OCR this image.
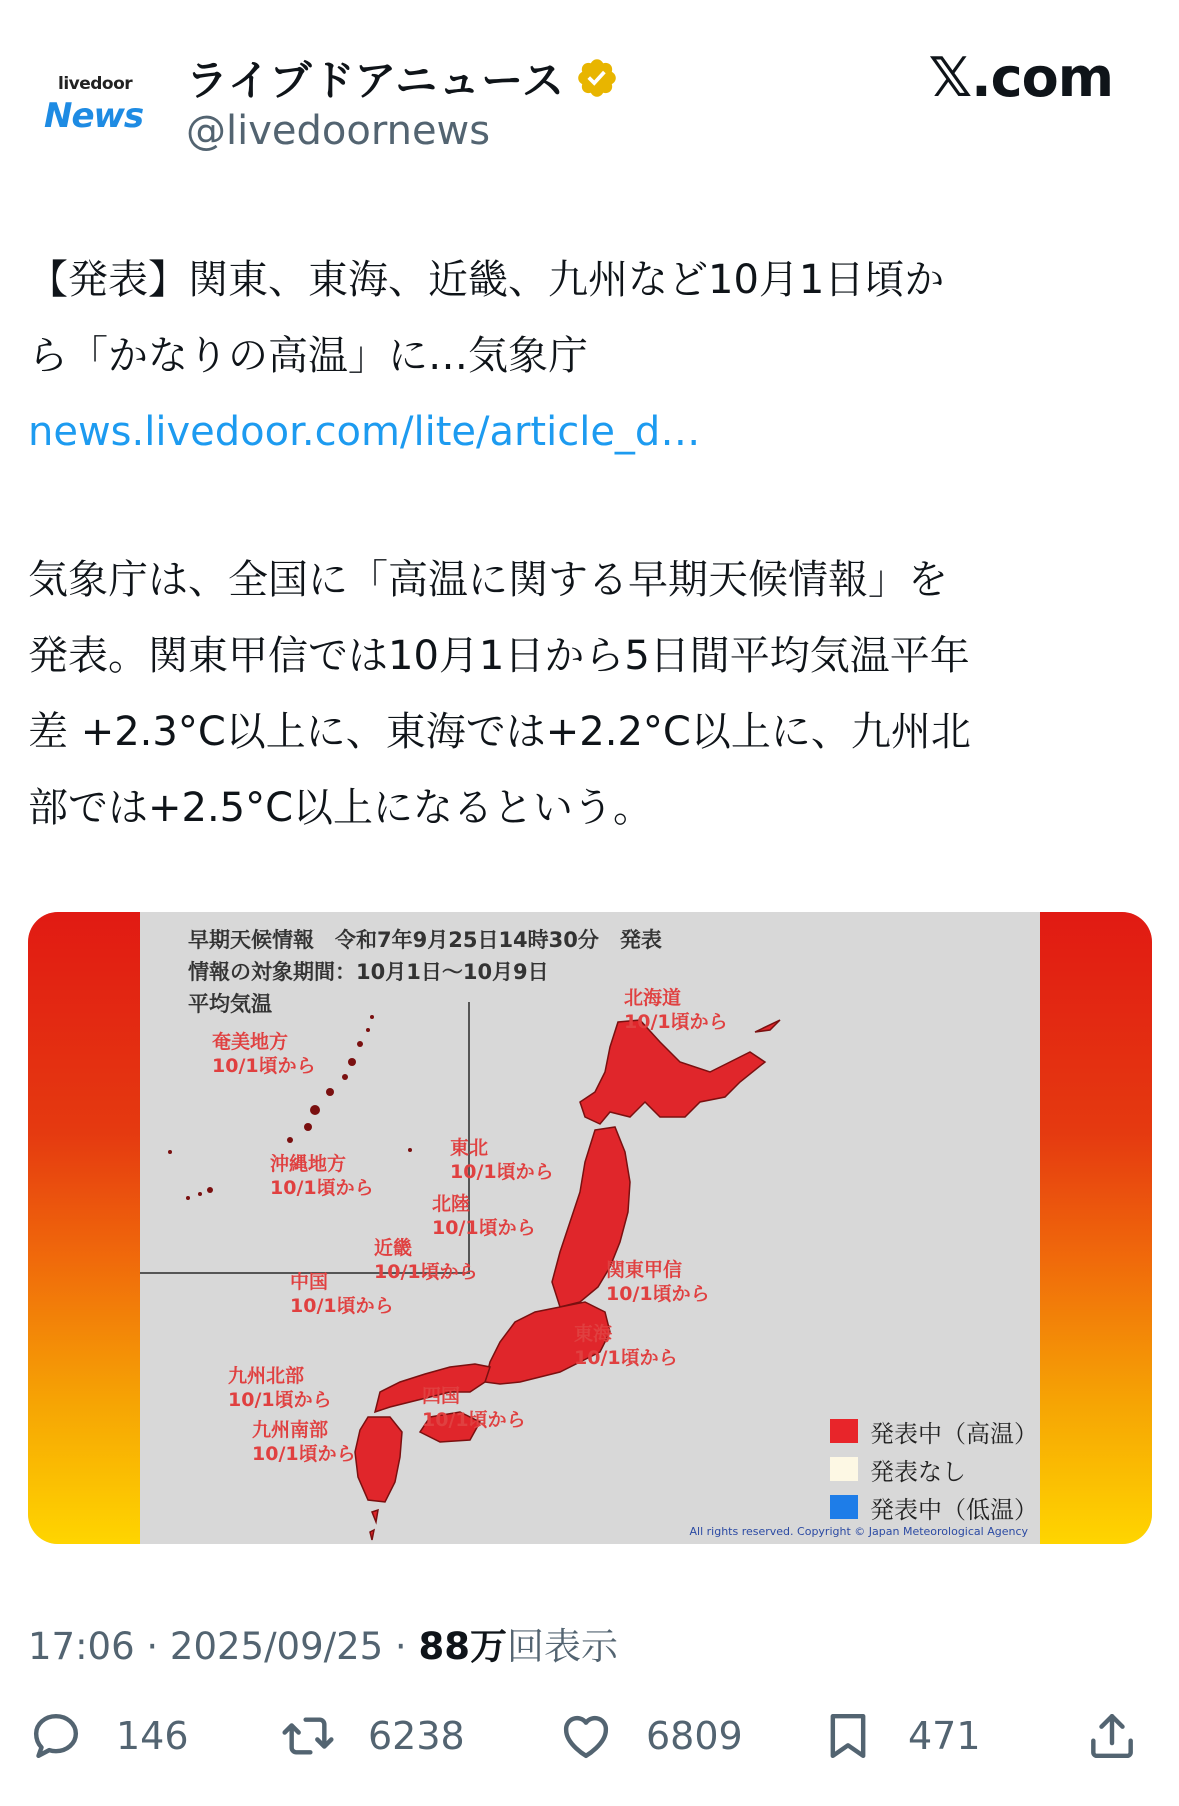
livedoor
News
ライブドアニュース
@livedoornews
𝕏.com
【発表】関東、東海、近畿、九州など10月1日頃か
ら「かなりの高温」に…気象庁
news.livedoor.com/lite/article_d…
気象庁は、全国に「高温に関する早期天候情報」を
発表。関東甲信では10月1日から5日間平均気温平年
差 +2.3°C以上に、東海では+2.2°C以上に、九州北
部では+2.5°C以上になるという。
早期天候情報　令和7年9月25日14時30分　発表
情報の対象期間：10月1日～10月9日
平均気温	北海道
10/1頃から
奄美地方
10/1頃から
沖縄地方
10/1頃から
東北
10/1頃から
北陸
10/1頃から
近畿
10/1頃から	関東甲信
10/1頃から
中国
10/1頃から
東海
10/1頃から
九州北部
10/1頃から	四国
10/1頃から
九州南部
10/1頃から
発表中（高温）
発表なし
発表中（低温）
All rights reserved. Copyright © Japan Meteorological Agency
17:06 · 2025/09/25 · 88万回表示
146	6238	6809	471
